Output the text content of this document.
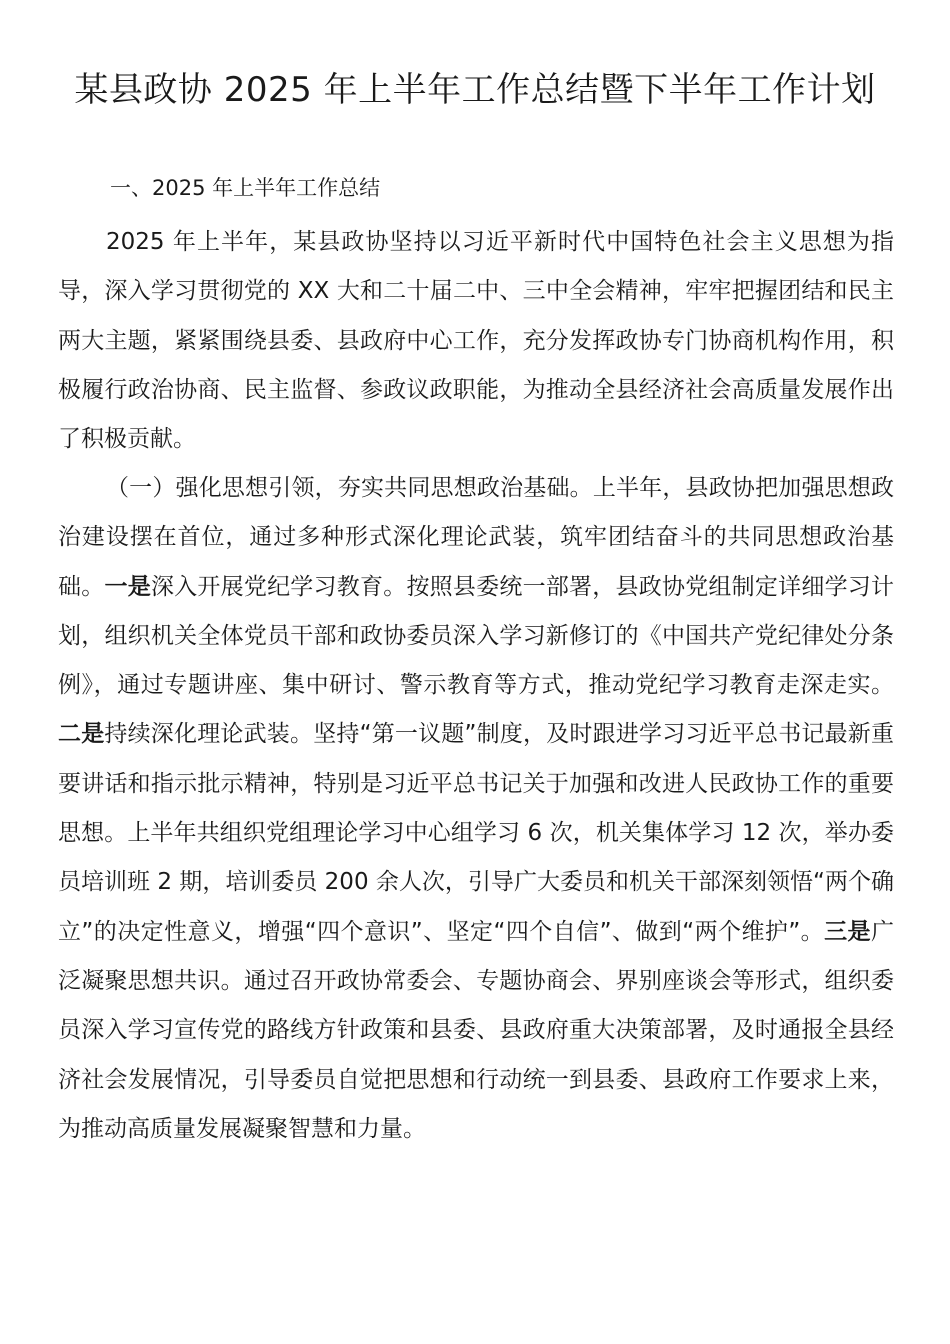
某县政协 2025 年上半年工作总结暨下半年工作计划
一、2025 年上半年工作总结

2025 年上半年，某县政协坚持以习近平新时代中国特色社会主义思想为指导，深入学习贯彻党的 XX 大和二十届二中、三中全会精神，牢牢把握团结和民主两大主题，紧紧围绕县委、县政府中心工作，充分发挥政协专门协商机构作用，积极履行政治协商、民主监督、参政议政职能，为推动全县经济社会高质量发展作出了积极贡献。

（一）强化思想引领，夯实共同思想政治基础。上半年，县政协把加强思想政治建设摆在首位，通过多种形式深化理论武装，筑牢团结奋斗的共同思想政治基础。一是深入开展党纪学习教育。按照县委统一部署，县政协党组制定详细学习计划，组织机关全体党员干部和政协委员深入学习新修订的《中国共产党纪律处分条例》，通过专题讲座、集中研讨、警示教育等方式，推动党纪学习教育走深走实。二是持续深化理论武装。坚持“第一议题”制度，及时跟进学习习近平总书记最新重要讲话和指示批示精神，特别是习近平总书记关于加强和改进人民政协工作的重要思想。上半年共组织党组理论学习中心组学习 6 次，机关集体学习 12 次，举办委员培训班 2 期，培训委员 200 余人次，引导广大委员和机关干部深刻领悟“两个确立”的决定性意义，增强“四个意识”、坚定“四个自信”、做到“两个维护”。三是广泛凝聚思想共识。通过召开政协常委会、专题协商会、界别座谈会等形式，组织委员深入学习宣传党的路线方针政策和县委、县政府重大决策部署，及时通报全县经济社会发展情况，引导委员自觉把思想和行动统一到县委、县政府工作要求上来，为推动高质量发展凝聚智慧和力量。
